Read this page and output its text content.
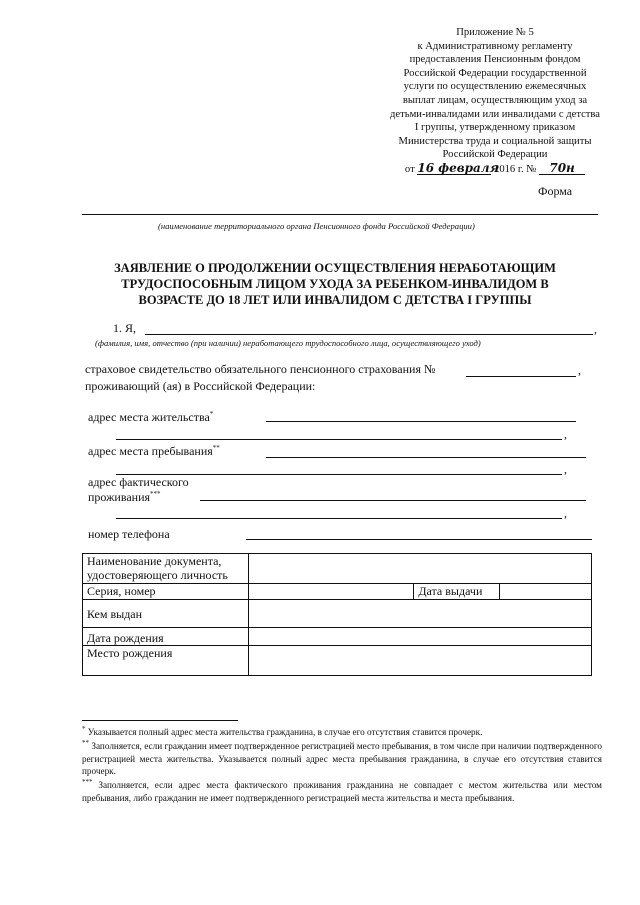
Приложение № 5
к Административному регламенту
предоставления Пенсионным фондом
Российской Федерации государственной
услуги по осуществлению ежемесячных
выплат лицам, осуществляющим уход за
детьми-инвалидами или инвалидами с детства
I группы, утвержденному приказом
Министерства труда и социальной защиты
Российской Федерации
от 16 февраля 2016 г. № 70н
Форма
(наименование территориального органа Пенсионного фонда Российской Федерации)
ЗАЯВЛЕНИЕ О ПРОДОЛЖЕНИИ ОСУЩЕСТВЛЕНИЯ НЕРАБОТАЮЩИМ
ТРУДОСПОСОБНЫМ ЛИЦОМ УХОДА ЗА РЕБЕНКОМ-ИНВАЛИДОМ В
ВОЗРАСТЕ ДО 18 ЛЕТ ИЛИ ИНВАЛИДОМ С ДЕТСТВА I ГРУППЫ
1. Я,	,
(фамилия, имя, отчество (при наличии) неработающего трудоспособного лица, осуществляющего уход)
страховое свидетельство обязательного пенсионного страхования №	,
проживающий (ая) в Российской Федерации:
адрес места жительства*
,
адрес места пребывания**
,
адрес фактического
проживания***
,
номер телефона
Наименование документа, удостоверяющего личность			
Серия, номер		Дата выдачи	
Кем выдан			
Дата рождения			
Место рождения			
* Указывается полный адрес места жительства гражданина, в случае его отсутствия ставится прочерк.
** Заполняется, если гражданин имеет подтвержденное регистрацией место пребывания, в том числе при наличии подтвержденного регистрацией места жительства. Указывается полный адрес места пребывания гражданина, в случае его отсутствия ставится прочерк.
*** Заполняется, если адрес места фактического проживания гражданина не совпадает с местом жительства или местом пребывания, либо гражданин не имеет подтвержденного регистрацией места жительства и места пребывания.
